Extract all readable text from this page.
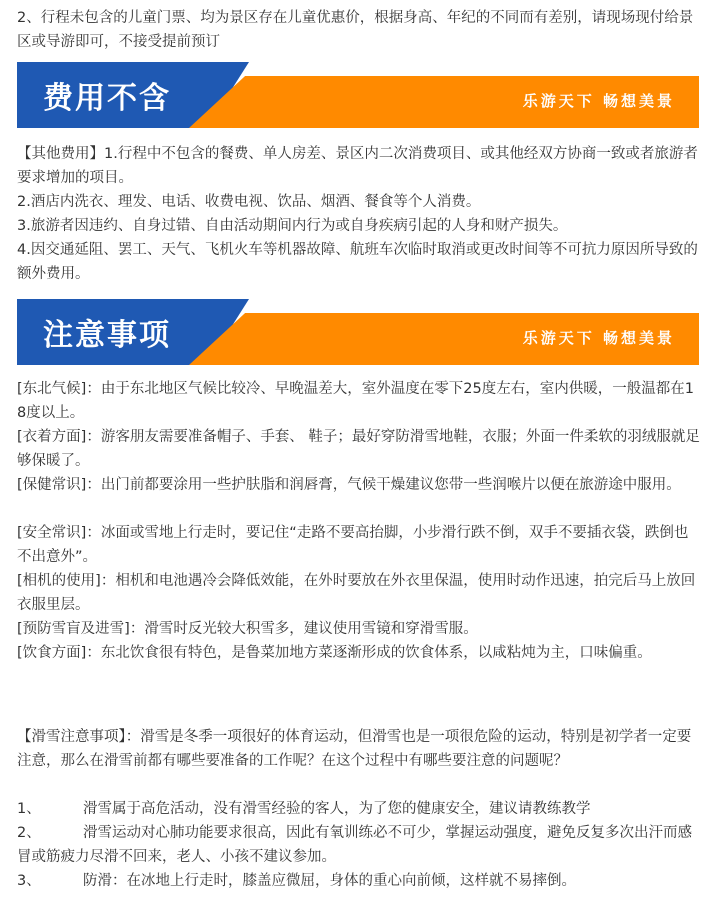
2、行程未包含的儿童门票、均为景区存在儿童优惠价，根据身高、年纪的不同而有差别，请现场现付给景区或导游即可，不接受提前预订

费用不含	乐游天下 畅想美景

【其他费用】1.行程中不包含的餐费、单人房差、景区内二次消费项目、或其他经双方协商一致或者旅游者要求增加的项目。

2.酒店内洗衣、理发、电话、收费电视、饮品、烟酒、餐食等个人消费。

3.旅游者因违约、自身过错、自由活动期间内行为或自身疾病引起的人身和财产损失。

4.因交通延阻、罢工、天气、飞机火车等机器故障、航班车次临时取消或更改时间等不可抗力原因所导致的额外费用。

注意事项	乐游天下 畅想美景

[东北气候]：由于东北地区气候比较冷、早晚温差大，室外温度在零下25度左右，室内供暖，一般温都在18度以上。

[衣着方面]：游客朋友需要准备帽子、手套、 鞋子；最好穿防滑雪地鞋，衣服；外面一件柔软的羽绒服就足够保暖了。

[保健常识]：出门前都要涂用一些护肤脂和润唇膏，气候干燥建议您带一些润喉片以便在旅游途中服用。

[安全常识]：冰面或雪地上行走时，要记住“走路不要高抬脚，小步滑行跌不倒，双手不要插衣袋，跌倒也不出意外”。

[相机的使用]：相机和电池遇冷会降低效能，在外时要放在外衣里保温，使用时动作迅速，拍完后马上放回衣服里层。

[预防雪盲及进雪]：滑雪时反光较大积雪多，建议使用雪镜和穿滑雪服。

[饮食方面]：东北饮食很有特色，是鲁菜加地方菜逐渐形成的饮食体系，以咸粘炖为主，口味偏重。

【滑雪注意事项】：滑雪是冬季一项很好的体育运动，但滑雪也是一项很危险的运动，特别是初学者一定要注意，那么在滑雪前都有哪些要准备的工作呢？在这个过程中有哪些要注意的问题呢？

1、	滑雪属于高危活动，没有滑雪经验的客人，为了您的健康安全，建议请教练教学

2、	滑雪运动对心肺功能要求很高，因此有氧训练必不可少，掌握运动强度，避免反复多次出汗而感冒或筋疲力尽滑不回来，老人、小孩不建议参加。

3、	防滑：在冰地上行走时，膝盖应微屈，身体的重心向前倾，这样就不易摔倒。
